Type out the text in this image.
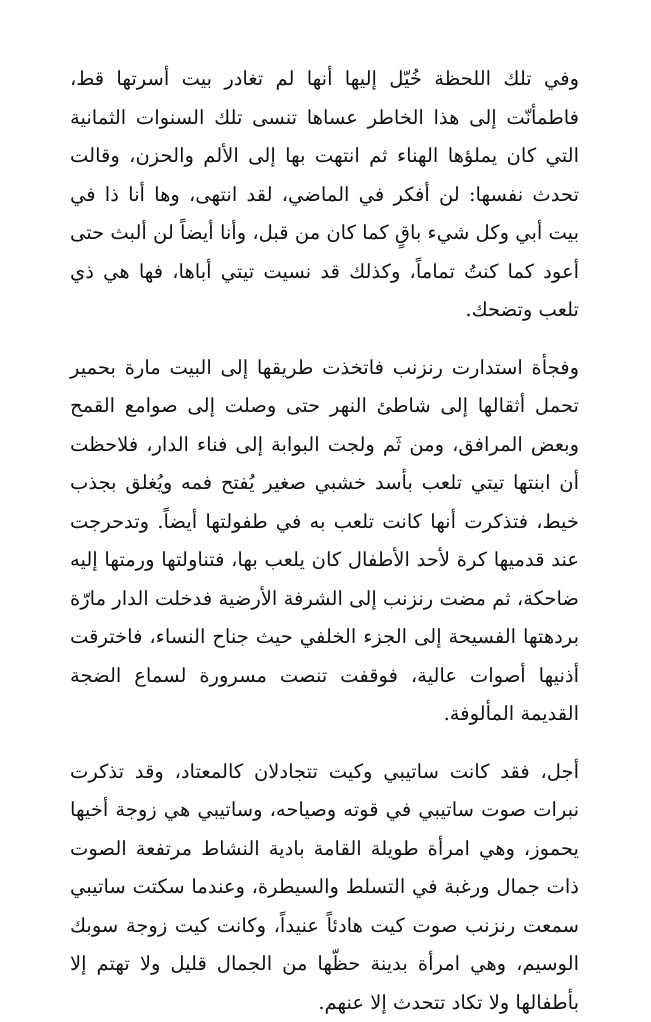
وفي تلك اللحظة خُيّل إليها أنها لم تغادر بيت أسرتها قط، فاطمأنّت إلى هذا الخاطر عساها تنسى تلك السنوات الثمانية التي كان يملؤها الهناء ثم انتهت بها إلى الألم والحزن، وقالت تحدث نفسها: لن أفكر في الماضي، لقد انتهى، وها أنا ذا في بيت أبي وكل شيء باقٍ كما كان من قبل، وأنا أيضاً لن ألبث حتى أعود كما كنتُ تماماً، وكذلك قد نسيت تيتي أباها، فها هي ذي تلعب وتضحك.

وفجأة استدارت رنزنب فاتخذت طريقها إلى البيت مارة بحمير تحمل أثقالها إلى شاطئ النهر حتى وصلت إلى صوامع القمح وبعض المرافق، ومن ثَم ولجت البوابة إلى فناء الدار، فلاحظت أن ابنتها تيتي تلعب بأسد خشبي صغير يُفتح فمه ويُغلق بجذب خيط، فتذكرت أنها كانت تلعب به في طفولتها أيضاً. وتدحرجت عند قدميها كرة لأحد الأطفال كان يلعب بها، فتناولتها ورمتها إليه ضاحكة، ثم مضت رنزنب إلى الشرفة الأرضية فدخلت الدار مارّة بردهتها الفسيحة إلى الجزء الخلفي حيث جناح النساء، فاخترقت أذنيها أصوات عالية، فوقفت تنصت مسرورة لسماع الضجة القديمة المألوفة.

أجل، فقد كانت ساتيبي وكيت تتجادلان كالمعتاد، وقد تذكرت نبرات صوت ساتيبي في قوته وصياحه، وساتيبي هي زوجة أخيها يحموز، وهي امرأة طويلة القامة بادية النشاط مرتفعة الصوت ذات جمال ورغبة في التسلط والسيطرة، وعندما سكتت ساتيبي سمعت رنزنب صوت كيت هادئاً عنيداً، وكانت كيت زوجة سوبك الوسيم، وهي امرأة بدينة حظّها من الجمال قليل ولا تهتم إلا بأطفالها ولا تكاد تتحدث إلا عنهم.
